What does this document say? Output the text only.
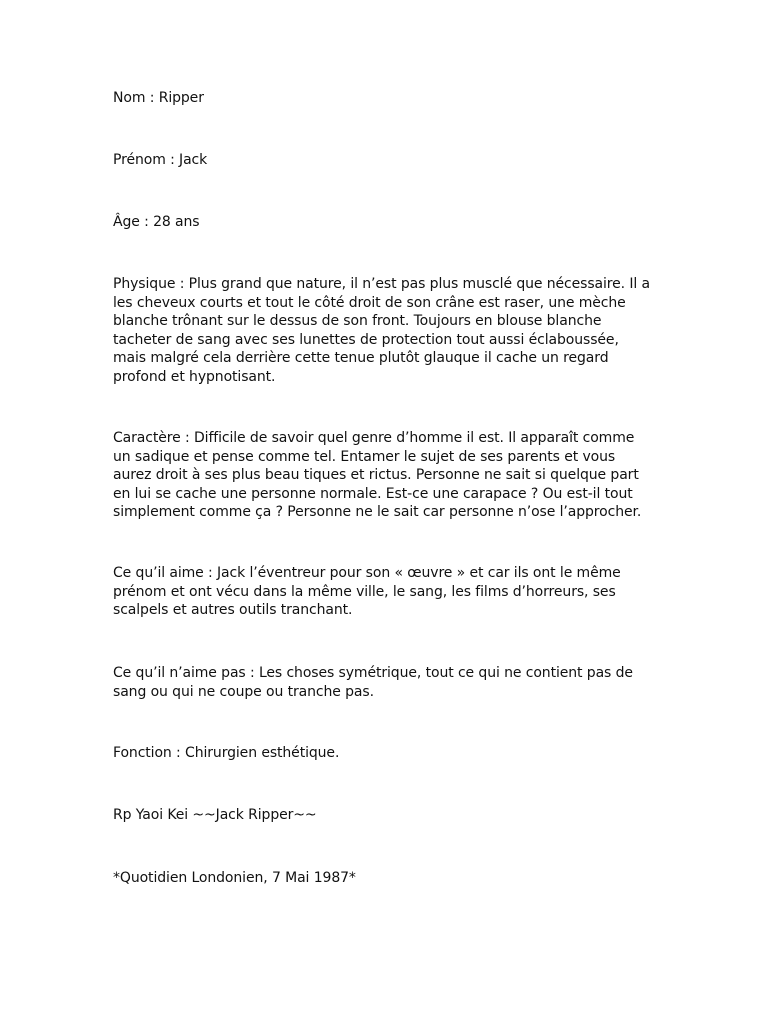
Nom : Ripper

Prénom : Jack

Âge : 28 ans

Physique : Plus grand que nature, il n’est pas plus musclé que nécessaire. Il a
les cheveux courts et tout le côté droit de son crâne est raser, une mèche
blanche trônant sur le dessus de son front. Toujours en blouse blanche
tacheter de sang avec ses lunettes de protection tout aussi éclaboussée,
mais malgré cela derrière cette tenue plutôt glauque il cache un regard
profond et hypnotisant.

Caractère : Difficile de savoir quel genre d’homme il est. Il apparaît comme
un sadique et pense comme tel. Entamer le sujet de ses parents et vous
aurez droit à ses plus beau tiques et rictus. Personne ne sait si quelque part
en lui se cache une personne normale. Est-ce une carapace ? Ou est-il tout
simplement comme ça ? Personne ne le sait car personne n’ose l’approcher.

Ce qu’il aime : Jack l’éventreur pour son « œuvre » et car ils ont le même
prénom et ont vécu dans la même ville, le sang, les films d’horreurs, ses
scalpels et autres outils tranchant.

Ce qu’il n’aime pas : Les choses symétrique, tout ce qui ne contient pas de
sang ou qui ne coupe ou tranche pas.

Fonction : Chirurgien esthétique.

Rp Yaoi Kei ~~Jack Ripper~~

*Quotidien Londonien, 7 Mai 1987*
